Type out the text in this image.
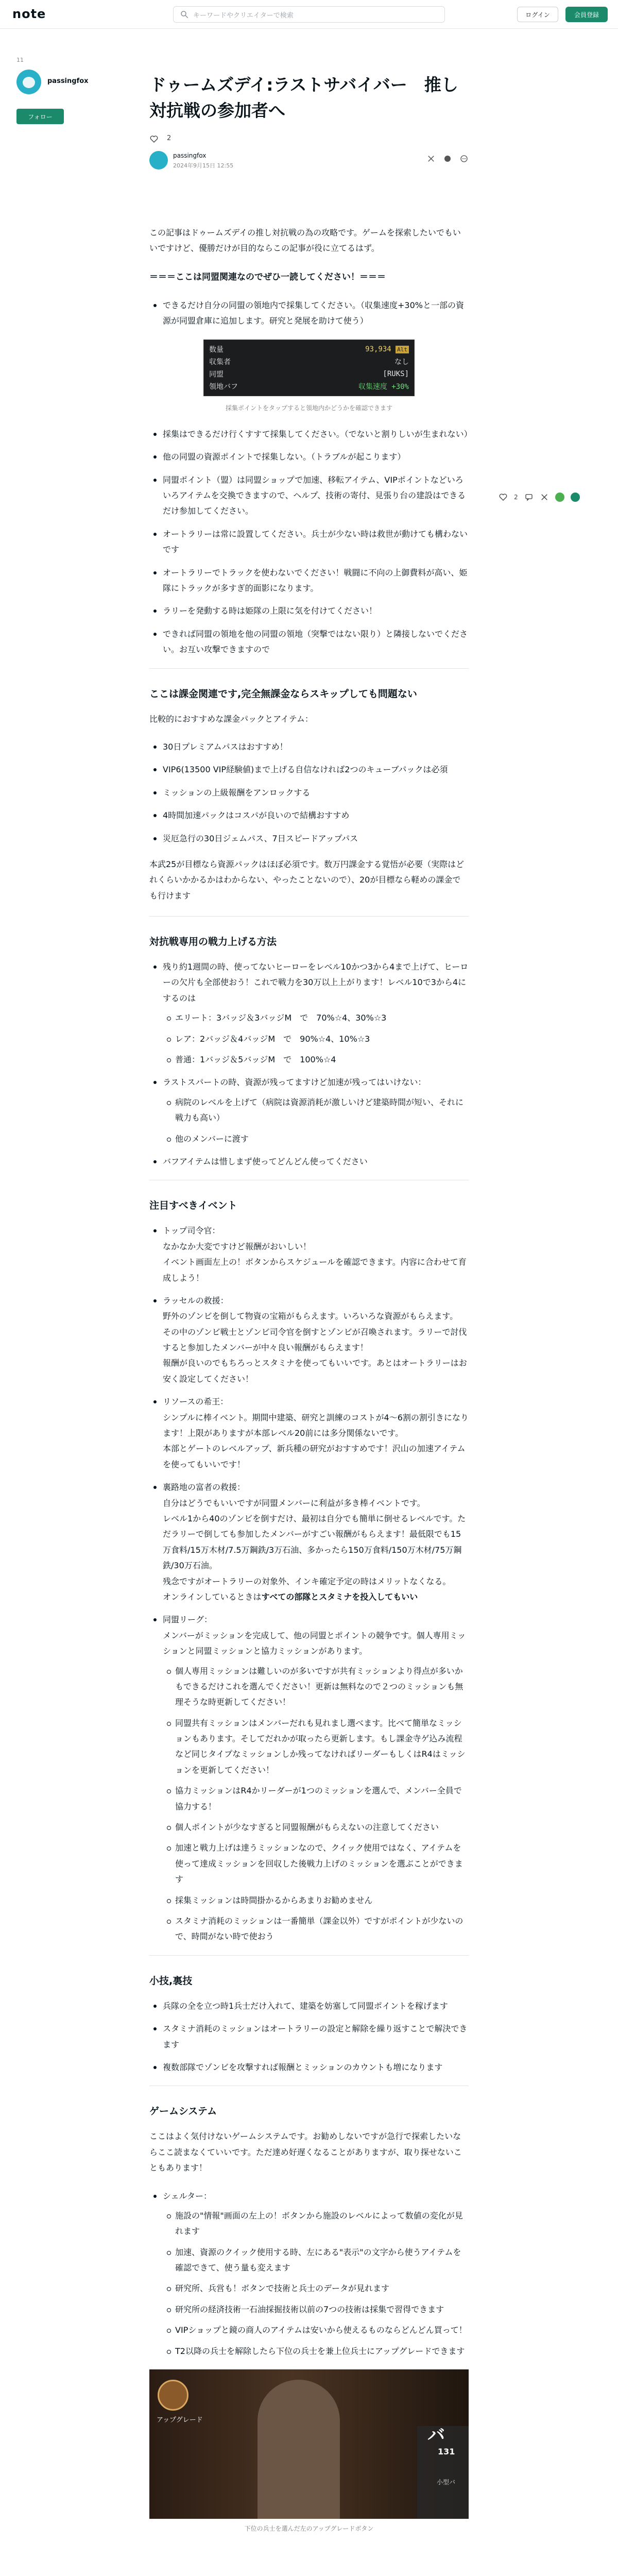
note	キーワードやクリエイターで検索	ログイン	会員登録
11
passingfox
フォロー
2
ドゥームズデイ:ラストサバイバー　推し対抗戦の参加者へ
2
passingfox
2024年9月15日 12:55

この記事はドゥームズデイの推し対抗戦の為の攻略です。ゲームを探索したいでもいいですけど、優勝だけが目的ならこの記事が役に立てるはず。

＝＝＝ここは同盟関連なのでぜひ一読してください！＝＝＝

できるだけ自分の同盟の領地内で採集してください。（収集速度+30%と一部の資源が同盟倉庫に追加します。研究と発展を助けて使う）
数量	93,934 Alt
収集者	なし
同盟	[RUKS]
領地バフ	収集速度 +30%
採集ポイントをタップすると領地内かどうかを確認できます
採集はできるだけ行くすすて採集してください。（でないと割りしいが生まれない）
他の同盟の資源ポイントで採集しない。（トラブルが起こります）
同盟ポイント（盟）は同盟ショップで加速、移転アイテム、VIPポイントなどいろいろアイテムを交換できますので、ヘルプ、技術の寄付、見張り台の建設はできるだけ参加してください。
オートラリーは常に設置してください。兵士が少ない時は救世が動けても構わないです
オートラリーでトラックを使わないでください！戦闘に不向の上御費料が高い、姫隊にトラックが多すぎ的面影になります。
ラリーを発動する時は姫隊の上限に気を付けてください！
できれば同盟の領地を他の同盟の領地（突撃ではない限り）と隣接しないでください。お互い攻撃できますので
ここは課金関連です,完全無課金ならスキップしても問題ない

比較的におすすめな課金パックとアイテム：

30日プレミアムパスはおすすめ！
VIP6(13500 VIP経験値)まで上げる自信なければ2つのキューブパックは必須
ミッションの上級報酬をアンロックする
4時間加速パックはコスパが良いので結構おすすめ
災厄急行の30日ジェムパス、7日スピードアップパス

本武25が目標なら資源パックはほぼ必須です。数万円課金する覚悟が必要（実際はどれくらいかかるかはわからない、やったことないので）、20が目標なら軽めの課金でも行けます

対抗戦専用の戦力上げる方法
残り約1週間の時、使ってないヒーローをレベル10かつ3から4まで上げて、ヒーローの欠片も全部使おう！これで戦力を30万以上上がります！レベル10で3から4にするのは
エリート：3バッジ＆3バッジM　で　70%☆4、30%☆3
レア：2バッジ＆4バッジM　で　90%☆4、10%☆3
普通：1バッジ＆5バッジM　で　100%☆4
ラストスパートの時、資源が残ってますけど加速が残ってはいけない：
病院のレベルを上げて（病院は資源消耗が激しいけど建築時間が短い、それに戦力も高い）
他のメンバーに渡す
バフアイテムは惜しまず使ってどんどん使ってください
注目すべきイベント
トップ司令官：
なかなか大変ですけど報酬がおいしい！
イベント画面左上の！ボタンからスケジュールを確認できます。内容に合わせて育成しよう！
ラッセルの救援：
野外のゾンビを倒して物資の宝箱がもらえます。いろいろな資源がもらえます。
その中のゾンビ戦士とゾンビ司令官を倒すとゾンビが召喚されます。ラリーで討伐すると参加したメンバーが中々良い報酬がもらえます！
報酬が良いのでもちろっとスタミナを使ってもいいです。あとはオートラリーはお安く設定してください！
リソースの希王：
シンプルに棒イベント。期間中建築、研究と訓練のコストが4〜6割の割引きになります！上限がありますが本部レベル20前には多分関係ないです。
本部とゲートのレベルアップ、新兵種の研究がおすすめです！沢山の加速アイテムを使ってもいいです！
裏路地の富者の救援：
自分はどうでもいいですが同盟メンバーに利益が多き棒イベントです。
レベル1から40のゾンビを倒すだけ、最初は自分でも簡単に倒せるレベルです。ただラリーで倒しても参加したメンバーがすごい報酬がもらえます！最低限でも15万食料/15万木材/7.5万鋼鉄/3万石油、多かったら150万食料/150万木材/75万鋼鉄/30万石油。
残念ですがオートラリーの対象外、インキ確定予定の時はメリットなくなる。
オンラインしているときはすべての部隊とスタミナを投入してもいい
同盟リーグ：
メンバーがミッションを完成して、他の同盟とポイントの競争です。個人専用ミッションと同盟ミッションと協力ミッションがあります。
個人専用ミッションは難しいのが多いですが共有ミッションより得点が多いかもできるだけこれを選んでください！更新は無料なので２つのミッションも無理そうな時更新してください！
同盟共有ミッションはメンバーだれも見れまし選べます。比べて簡単なミッションもあります。そしてだれかが取ったら更新します。もし課金寺ゲ込み流程など同じタイプなミッションしか残ってなければリーダーもしくはR4はミッションを更新してください！
協力ミッションはR4かリーダーが1つのミッションを選んで、メンバー全員で協力する！
個人ポイントが少なすぎると同盟報酬がもらえないの注意してください
加速と戦力上げは達うミッションなので、クイック使用ではなく、アイテムを使って達成ミッションを回収した後戦力上げのミッションを選ぶことができます
採集ミッションは時間掛かるからあまりお勧めません
スタミナ消耗のミッションは一番簡単（課金以外）ですがポイントが少ないので、時間がない時で使おう
小技,裏技
兵隊の全を立つ時1兵士だけ入れて、建築を妨塞して同盟ポイントを稼げます
スタミナ消耗のミッションはオートラリーの設定と解除を繰り返すことで解決できます
複数部隊でゾンビを攻撃すれば報酬とミッションのカウントも増になります
ゲームシステム

ここはよく気付けないゲームシステムです。お勧めしないですが急行で探索したいならここ読まなくていいです。ただ達め好遅くなることがありますが、取り探せないこともあります！

シェルター：
施設の"情報"画面の左上の！ボタンから施設のレベルによって数値の変化が見れます
加速、資源のクイック使用する時、左にある"表示"の文字から使うアイテムを確認できて、使う量も変えます
研究所、兵営も！ボタンで技術と兵士のデータが見れます
研究所の経済技術一石油採掘技術以前の7つの技術は採集で習得できます
VIPショップと鏡の商人のアイテムは安いから使えるものならどんどん買って！
T2以降の兵士を解除したら下位の兵士を兼上位兵士にアップグレードできます
アップグレード
バ
131
小型バ
下位の兵士を選んだ左のアップグレードボタン
